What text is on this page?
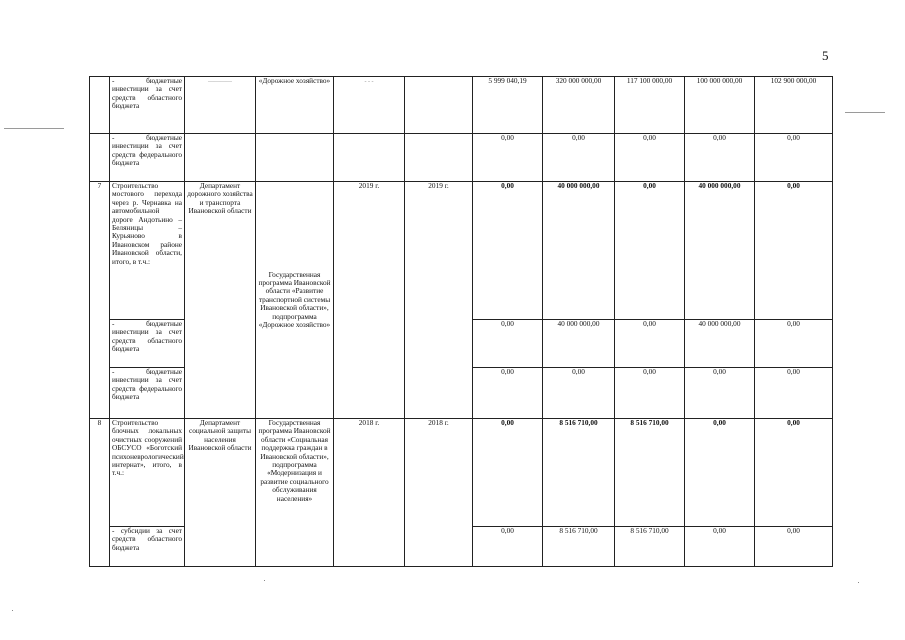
5
	- бюджетные инвестиции за счет средств областного бюджета	————	«Дорожное хозяйство»	- - -		5 999 040,19	320 000 000,00	117 100 000,00	100 000 000,00	102 900 000,00
	- бюджетные инвестиции за счет средств федерального бюджета					0,00	0,00	0,00	0,00	0,00
7	Строительство мостового перехода через р. Чернавка на автомобильной дороге Андотьино – Беляницы – Курьяново в Ивановском районе Ивановской области, итого, в т.ч.:	Департамент дорожного хозяйства и транспорта Ивановской области	Государственная программа Ивановской области «Развитие транспортной системы Ивановской области», подпрограмма «Дорожное хозяйство»	2019 г.	2019 г.	0,00	40 000 000,00	0,00	40 000 000,00	0,00
	- бюджетные инвестиции за счет средств областного бюджета					0,00	40 000 000,00	0,00	40 000 000,00	0,00
	- бюджетные инвестиции за счет средств федерального бюджета					0,00	0,00	0,00	0,00	0,00
8	Строительство блочных локальных очистных сооружений ОБСУСО «Боготский психоневрологический интернат», итого, в т.ч.:	Департамент социальной защиты населения Ивановской области	Государственная программа Ивановской области «Социальная поддержка граждан в Ивановской области», подпрограмма «Модернизация и развитие социального обслуживания населения»	2018 г.	2018 г.	0,00	8 516 710,00	8 516 710,00	0,00	0,00
	- субсидии за счет средств областного бюджета					0,00	8 516 710,00	8 516 710,00	0,00	0,00
